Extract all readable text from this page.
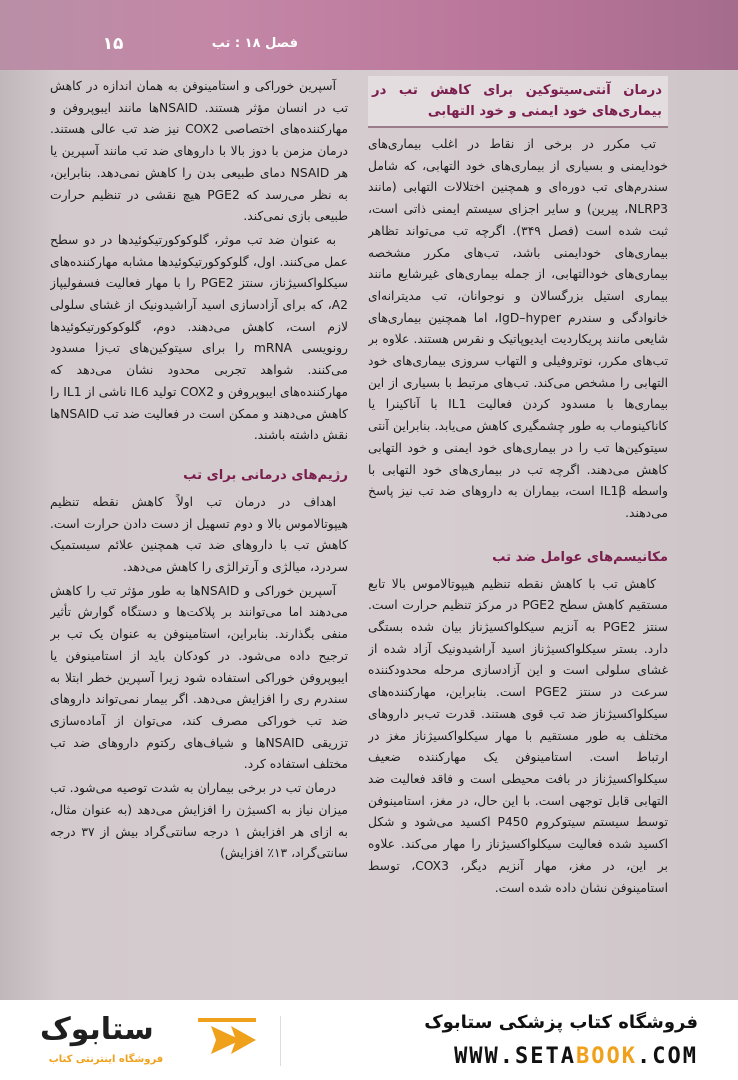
۱۵	فصل ۱۸ : تب
درمان آنتی‌سیتوکین برای کاهش تب در بیماری‌های خود ایمنی و خود التهابی

تب مکرر در برخی از نقاط در اغلب بیماری‌های خودایمنی و بسیاری از بیماری‌های خود التهابی، که شامل سندرم‌های تب دوره‌ای و همچنین اختلالات التهابی (مانند NLRP3، پیرین) و سایر اجزای سیستم ایمنی ذاتی است، ثبت شده است (فصل ۳۴۹). اگرچه تب می‌تواند تظاهر بیماری‌های خودایمنی باشد، تب‌های مکرر مشخصه بیماری‌های خودالتهابی، از جمله بیماری‌های غیرشایع مانند بیماری استیل بزرگسالان و نوجوانان، تب مدیترانه‌ای خانوادگی و سندرم IgD–hyper، اما همچنین بیماری‌های شایعی مانند پریکاردیت ایدیوپاتیک و نقرس هستند. علاوه بر تب‌های مکرر، نوتروفیلی و التهاب سروزی بیماری‌های خود التهابی را مشخص می‌کند. تب‌های مرتبط با بسیاری از این بیماری‌ها با مسدود کردن فعالیت IL1 با آناکینرا یا کاناکینوماب به طور چشمگیری کاهش می‌یابد. بنابراین آنتی سیتوکین‌ها تب را در بیماری‌های خود ایمنی و خود التهابی کاهش می‌دهند. اگرچه تب در بیماری‌های خود التهابی با واسطه IL1β است، بیماران به داروهای ضد تب نیز پاسخ می‌دهند.

مکانیسم‌های عوامل ضد تب

کاهش تب با کاهش نقطه تنظیم هیپوتالاموس بالا تابع مستقیم کاهش سطح PGE2 در مرکز تنظیم حرارت است. سنتز PGE2 به آنزیم سیکلواکسیژناز بیان شده بستگی دارد. بستر سیکلواکسیژناز اسید آراشیدونیک آزاد شده از غشای سلولی است و این آزادسازی مرحله محدودکننده سرعت در سنتز PGE2 است. بنابراین، مهارکننده‌های سیکلواکسیژناز ضد تب قوی هستند. قدرت تب‌بر داروهای مختلف به طور مستقیم با مهار سیکلواکسیژناز مغز در ارتباط است. استامینوفن یک مهارکننده ضعیف سیکلواکسیژناز در بافت محیطی است و فاقد فعالیت ضد التهابی قابل توجهی است. با این حال، در مغز، استامینوفن توسط سیستم سیتوکروم P450 اکسید می‌شود و شکل اکسید شده فعالیت سیکلواکسیژناز را مهار می‌کند. علاوه بر این، در مغز، مهار آنزیم دیگر، COX3، توسط استامینوفن نشان داده شده است.

آسپرین خوراکی و استامینوفن به همان اندازه در کاهش تب در انسان مؤثر هستند. NSAIDها مانند ایبوپروفن و مهارکننده‌های اختصاصی COX2 نیز ضد تب عالی هستند. درمان مزمن با دوز بالا با داروهای ضد تب مانند آسپرین یا هر NSAID دمای طبیعی بدن را کاهش نمی‌دهد. بنابراین، به نظر می‌رسد که PGE2 هیچ نقشی در تنظیم حرارت طبیعی بازی نمی‌کند.

به عنوان ضد تب موثر، گلوکوکورتیکوئیدها در دو سطح عمل می‌کنند. اول، گلوکوکورتیکوئیدها مشابه مهارکننده‌های سیکلواکسیژناز، سنتز PGE2 را با مهار فعالیت فسفولیپاز A2، که برای آزادسازی اسید آراشیدونیک از غشای سلولی لازم است، کاهش می‌دهند. دوم، گلوکوکورتیکوئیدها رونویسی mRNA را برای سیتوکین‌های تب‌زا مسدود می‌کنند. شواهد تجربی محدود نشان می‌دهد که مهارکننده‌های ایبوپروفن و COX2 تولید IL6 ناشی از IL1 را کاهش می‌دهند و ممکن است در فعالیت ضد تب NSAIDها نقش داشته باشند.

رژیم‌های درمانی برای تب

اهداف در درمان تب اولاً کاهش نقطه تنظیم هیپوتالاموس بالا و دوم تسهیل از دست دادن حرارت است. کاهش تب با داروهای ضد تب همچنین علائم سیستمیک سردرد، میالژی و آرترالژی را کاهش می‌دهد.

آسپرین خوراکی و NSAIDها به طور مؤثر تب را کاهش می‌دهند اما می‌توانند بر پلاکت‌ها و دستگاه گوارش تأثیر منفی بگذارند. بنابراین، استامینوفن به عنوان یک تب بر ترجیح داده می‌شود. در کودکان باید از استامینوفن یا ایبوپروفن خوراکی استفاده شود زیرا آسپرین خطر ابتلا به سندرم ری را افزایش می‌دهد. اگر بیمار نمی‌تواند داروهای ضد تب خوراکی مصرف کند، می‌توان از آماده‌سازی تزریقی NSAIDها و شیاف‌های رکتوم داروهای ضد تب مختلف استفاده کرد.

درمان تب در برخی بیماران به شدت توصیه می‌شود. تب میزان نیاز به اکسیژن را افزایش می‌دهد (به عنوان مثال، به ازای هر افزایش ۱ درجه سانتی‌گراد بیش از ۳۷ درجه سانتی‌گراد، ۱۳٪ افزایش)

ستابوک
فروشگاه اینترنتی کتاب
فروشگاه کتاب پزشکی ستابوک
WWW.SETABOOK.COM
